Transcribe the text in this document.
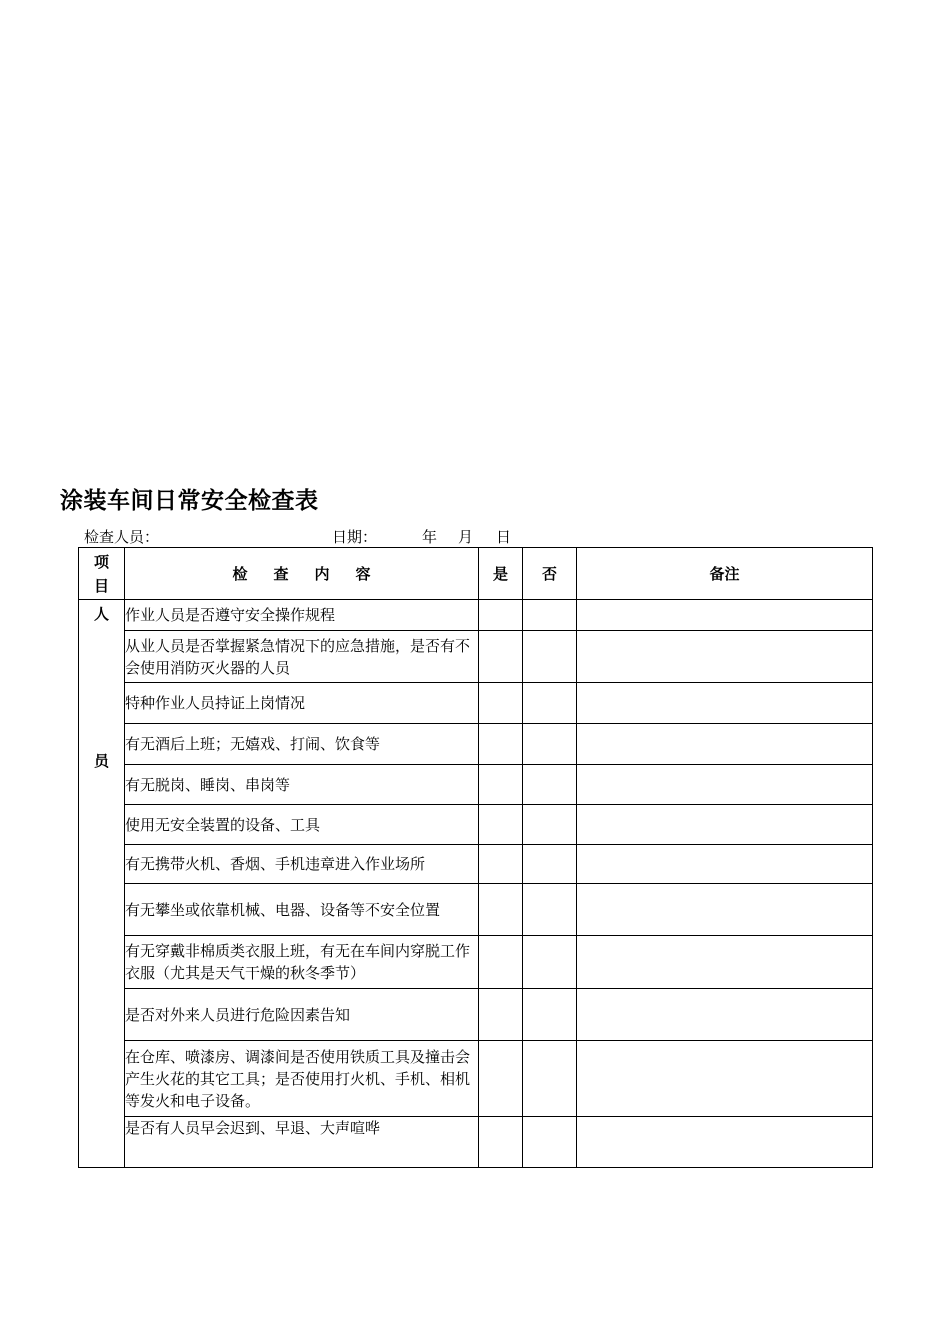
涂装车间日常安全检查表
检查人员：	日期：	年 月 日
项
目	检 查 内 容	是	否	备注

人
员	作业人员是否遵守安全操作规程			
	从业人员是否掌握紧急情况下的应急措施，是否有不会使用消防灭火器的人员			
	特种作业人员持证上岗情况			
	有无酒后上班；无嬉戏、打闹、饮食等			
	有无脱岗、睡岗、串岗等			
	使用无安全装置的设备、工具			
	有无携带火机、香烟、手机违章进入作业场所			
	有无攀坐或依靠机械、电器、设备等不安全位置			
	有无穿戴非棉质类衣服上班，有无在车间内穿脱工作衣服（尤其是天气干燥的秋冬季节）			
	是否对外来人员进行危险因素告知			
	在仓库、喷漆房、调漆间是否使用铁质工具及撞击会产生火花的其它工具；是否使用打火机、手机、相机等发火和电子设备。			
	是否有人员早会迟到、早退、大声喧哗			
